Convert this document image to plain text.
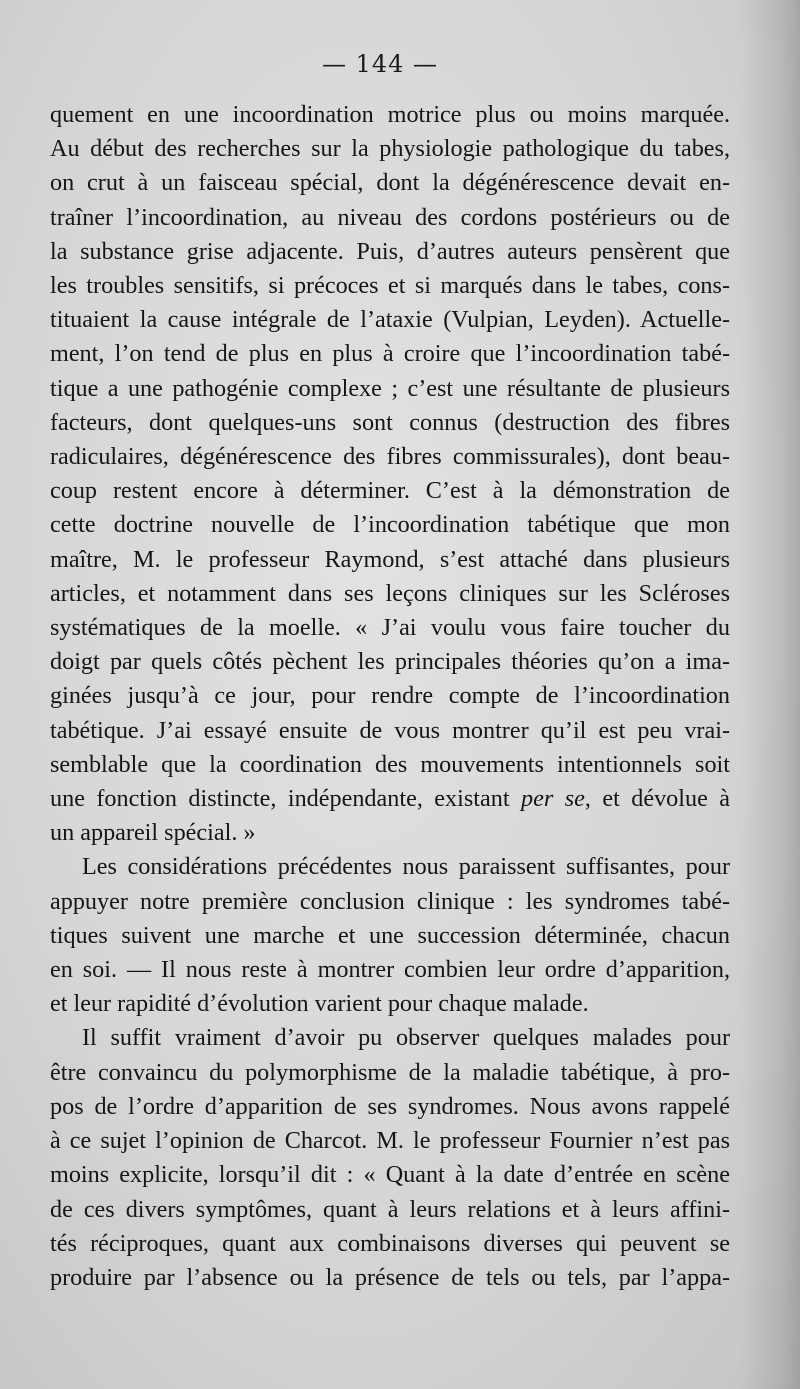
— 144 —
quement en une incoordination motrice plus ou moins marquée.
Au début des recherches sur la physiologie pathologique du tabes,
on crut à un faisceau spécial, dont la dégénérescence devait en-
traîner l’incoordination, au niveau des cordons postérieurs ou de
la substance grise adjacente. Puis, d’autres auteurs pensèrent que
les troubles sensitifs, si précoces et si marqués dans le tabes, cons-
tituaient la cause intégrale de l’ataxie (Vulpian, Leyden). Actuelle-
ment, l’on tend de plus en plus à croire que l’incoordination tabé-
tique a une pathogénie complexe ; c’est une résultante de plusieurs
facteurs, dont quelques-uns sont connus (destruction des fibres
radiculaires, dégénérescence des fibres commissurales), dont beau-
coup restent encore à déterminer. C’est à la démonstration de
cette doctrine nouvelle de l’incoordination tabétique que mon
maître, M. le professeur Raymond, s’est attaché dans plusieurs
articles, et notamment dans ses leçons cliniques sur les Scléroses
systématiques de la moelle. « J’ai voulu vous faire toucher du
doigt par quels côtés pèchent les principales théories qu’on a ima-
ginées jusqu’à ce jour, pour rendre compte de l’incoordination
tabétique. J’ai essayé ensuite de vous montrer qu’il est peu vrai-
semblable que la coordination des mouvements intentionnels soit
une fonction distincte, indépendante, existant per se, et dévolue à
un appareil spécial. »
Les considérations précédentes nous paraissent suffisantes, pour
appuyer notre première conclusion clinique : les syndromes tabé-
tiques suivent une marche et une succession déterminée, chacun
en soi. — Il nous reste à montrer combien leur ordre d’apparition,
et leur rapidité d’évolution varient pour chaque malade.
Il suffit vraiment d’avoir pu observer quelques malades pour
être convaincu du polymorphisme de la maladie tabétique, à pro-
pos de l’ordre d’apparition de ses syndromes. Nous avons rappelé
à ce sujet l’opinion de Charcot. M. le professeur Fournier n’est pas
moins explicite, lorsqu’il dit : « Quant à la date d’entrée en scène
de ces divers symptômes, quant à leurs relations et à leurs affini-
tés réciproques, quant aux combinaisons diverses qui peuvent se
produire par l’absence ou la présence de tels ou tels, par l’appa-
